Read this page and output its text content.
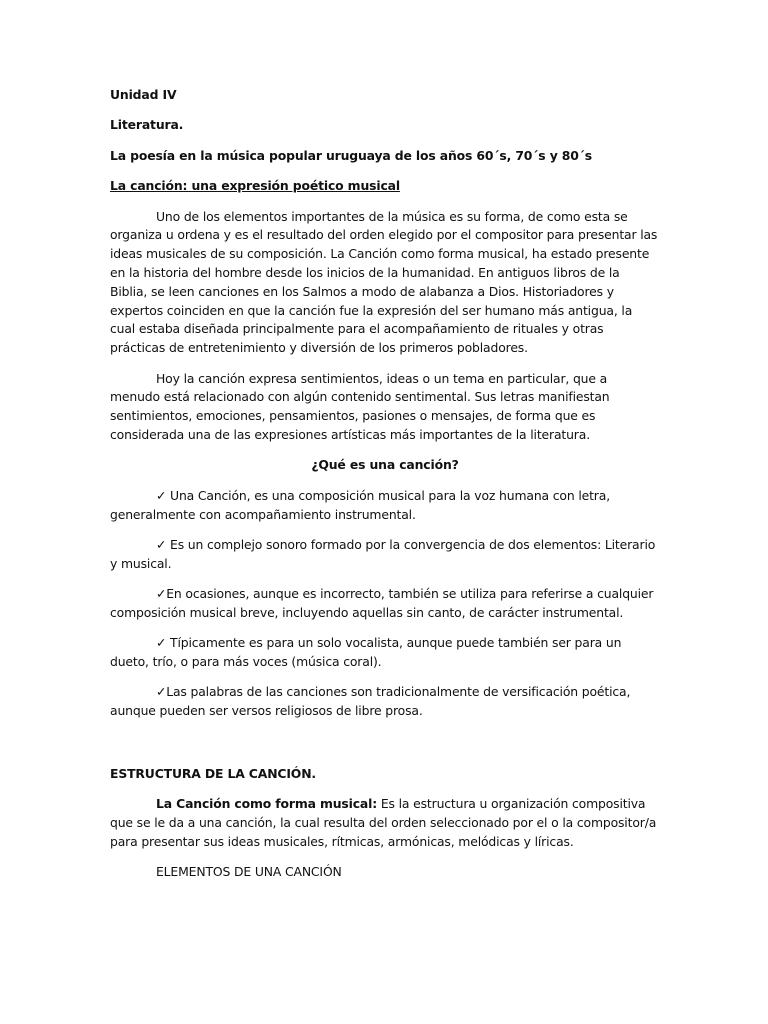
Unidad IV

Literatura.

La poesía en la música popular uruguaya de los años 60´s, 70´s y 80´s

La canción: una expresión poético musical

Uno de los elementos importantes de la música es su forma, de como esta se organiza u ordena y es el resultado del orden elegido por el compositor para presentar las ideas musicales de su composición. La Canción como forma musical, ha estado presente en la historia del hombre desde los inicios de la humanidad. En antiguos libros de la Biblia, se leen canciones en los Salmos a modo de alabanza a Dios. Historiadores y expertos coinciden en que la canción fue la expresión del ser humano más antigua, la cual estaba diseñada principalmente para el acompañamiento de rituales y otras prácticas de entretenimiento y diversión de los primeros pobladores.

Hoy la canción expresa sentimientos, ideas o un tema en particular, que a menudo está relacionado con algún contenido sentimental. Sus letras manifiestan sentimientos, emociones, pensamientos, pasiones o mensajes, de forma que es considerada una de las expresiones artísticas más importantes de la literatura.

¿Qué es una canción?

✓ Una Canción, es una composición musical para la voz humana con letra, generalmente con acompañamiento instrumental.

✓ Es un complejo sonoro formado por la convergencia de dos elementos: Literario y musical.

✓En ocasiones, aunque es incorrecto, también se utiliza para referirse a cualquier composición musical breve, incluyendo aquellas sin canto, de carácter instrumental.

✓ Típicamente es para un solo vocalista, aunque puede también ser para un dueto, trío, o para más voces (música coral).

✓Las palabras de las canciones son tradicionalmente de versificación poética, aunque pueden ser versos religiosos de libre prosa.

ESTRUCTURA DE LA CANCIÓN.

La Canción como forma musical: Es la estructura u organización compositiva que se le da a una canción, la cual resulta del orden seleccionado por el o la compositor/a para presentar sus ideas musicales, rítmicas, armónicas, melódicas y líricas.

ELEMENTOS DE UNA CANCIÓN
